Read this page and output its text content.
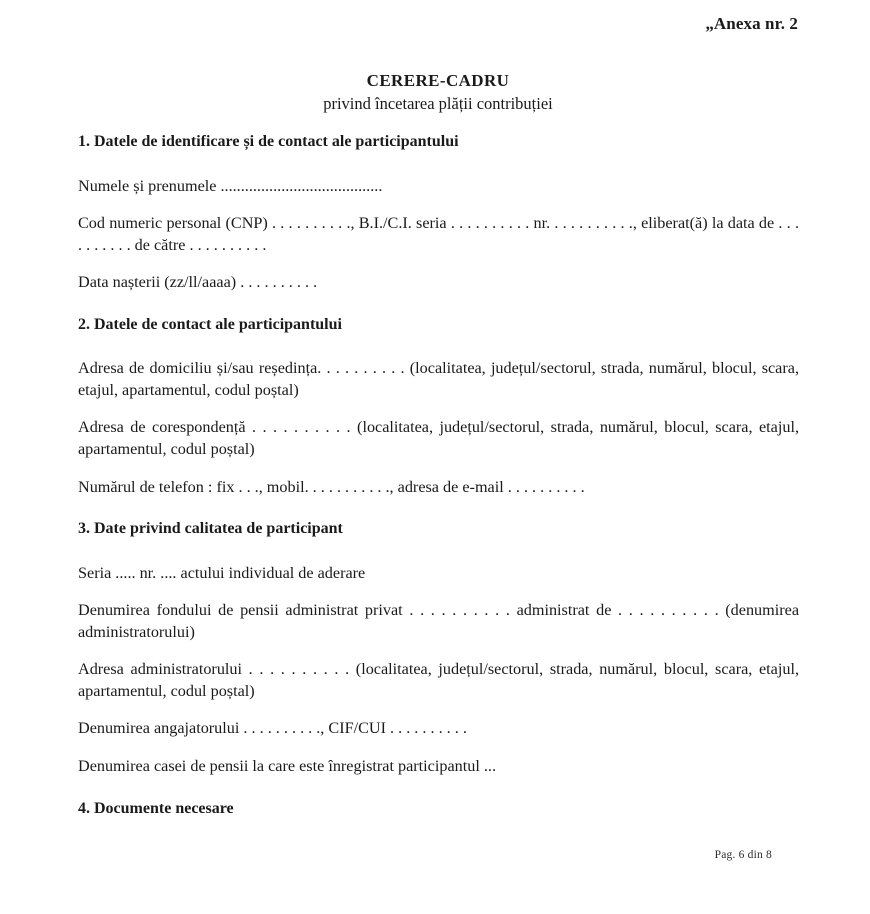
„Anexa nr. 2
CERERE-CADRU
privind încetarea plății contribuției
1. Datele de identificare și de contact ale participantului
Numele și prenumele ........................................
Cod numeric personal (CNP) . . . . . . . . . ., B.I./C.I. seria . . . . . . . . . . nr. . . . . . . . . . ., eliberat(ă) la data de . . . . . . . . . . de către . . . . . . . . . .
Data nașterii (zz/ll/aaaa) . . . . . . . . . .
2. Datele de contact ale participantului
Adresa de domiciliu și/sau reședința. . . . . . . . . . (localitatea, județul/sectorul, strada, numărul, blocul, scara, etajul, apartamentul, codul poștal)
Adresa de corespondență . . . . . . . . . . (localitatea, județul/sectorul, strada, numărul, blocul, scara, etajul, apartamentul, codul poștal)
Numărul de telefon : fix . . ., mobil. . . . . . . . . . ., adresa de e-mail . . . . . . . . . .
3. Date privind calitatea de participant
Seria ..... nr. .... actului individual de aderare
Denumirea fondului de pensii administrat privat . . . . . . . . . . administrat de . . . . . . . . . . (denumirea administratorului)
Adresa administratorului . . . . . . . . . . (localitatea, județul/sectorul, strada, numărul, blocul, scara, etajul, apartamentul, codul poștal)
Denumirea angajatorului . . . . . . . . . ., CIF/CUI . . . . . . . . . .
Denumirea casei de pensii la care este înregistrat participantul ...
4. Documente necesare
Pag. 6 din 8
